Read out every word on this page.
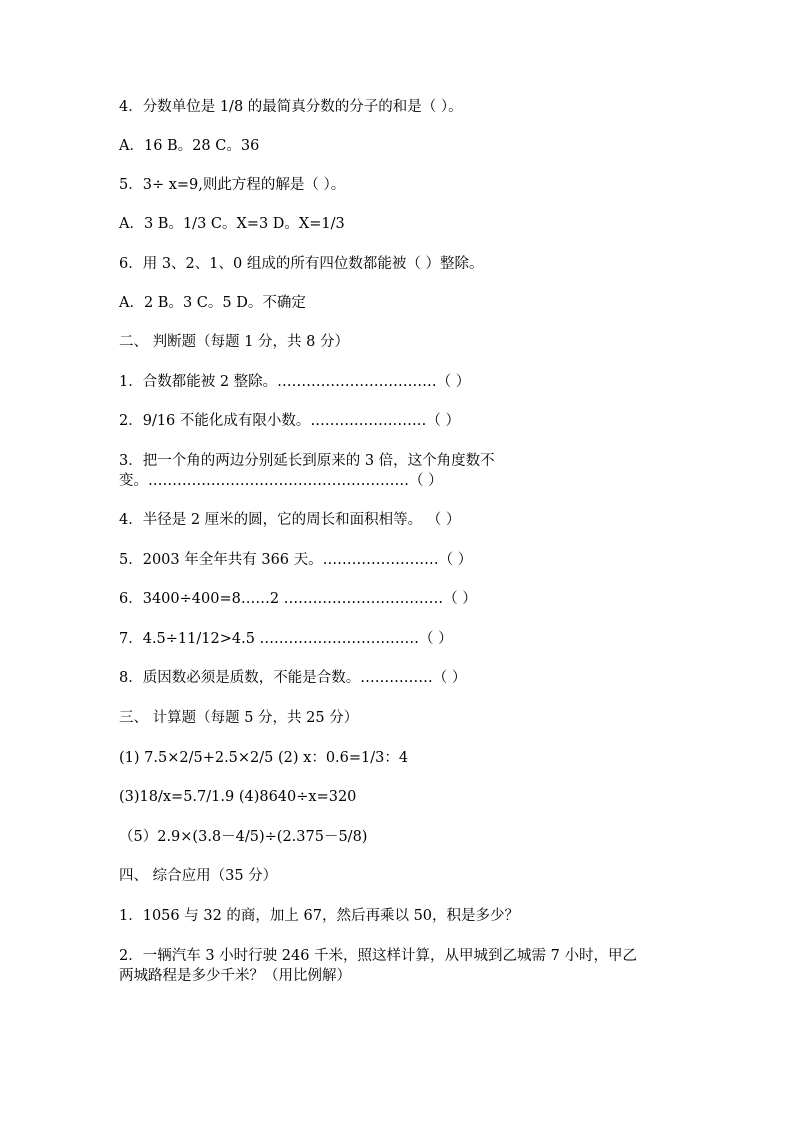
4．分数单位是 1/8 的最简真分数的分子的和是（ ）。
A．16 B。28 C。36
5．3÷ x=9,则此方程的解是（ ）。
A．3 B。1/3 C。X=3 D。X=1/3
6．用 3、2、1、0 组成的所有四位数都能被（ ）整除。
A．2 B。3 C。5 D。不确定
二、 判断题（每题 1 分，共 8 分）
1．合数都能被 2 整除。……………………………（ ）
2．9/16 不能化成有限小数。……………………（ ）
3．把一个角的两边分别延长到原来的 3 倍，这个角度数不
变。………………………………………………（ ）
4．半径是 2 厘米的圆，它的周长和面积相等。 （ ）
5．2003 年全年共有 366 天。……………………（ ）
6．3400÷400=8……2 ……………………………（ ）
7．4.5÷11/12>4.5 ……………………………（ ）
8．质因数必须是质数，不能是合数。……………（ ）
三、 计算题（每题 5 分，共 25 分）
(1) 7.5×2/5+2.5×2/5 (2) x：0.6=1/3：4
(3)18/x=5.7/1.9 (4)8640÷x=320
（5）2.9×(3.8－4/5)÷(2.375－5/8)
四、 综合应用（35 分）
1．1056 与 32 的商，加上 67，然后再乘以 50，积是多少？
2．一辆汽车 3 小时行驶 246 千米，照这样计算，从甲城到乙城需 7 小时，甲乙
两城路程是多少千米？（用比例解）
